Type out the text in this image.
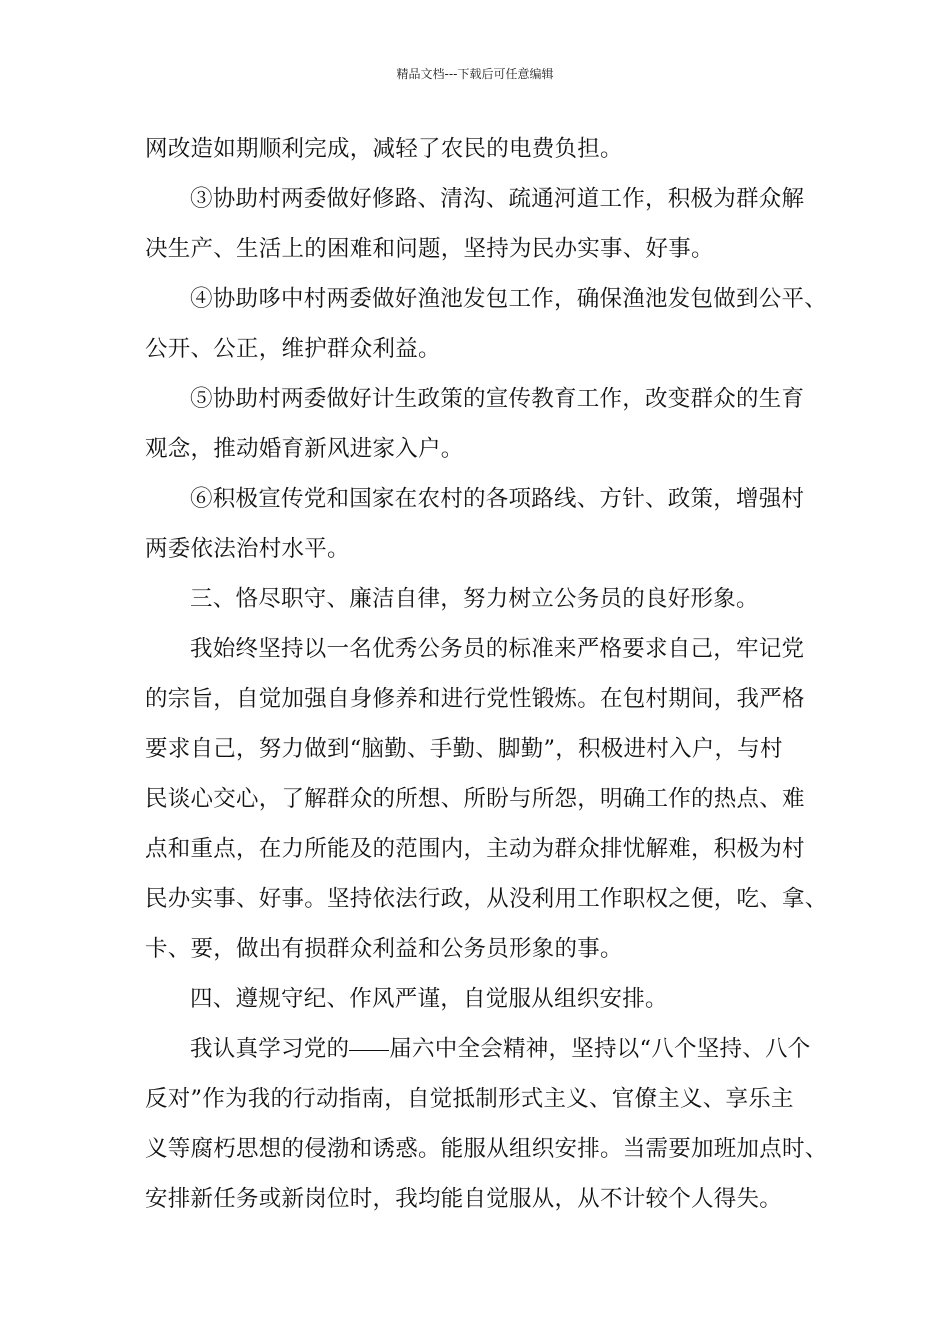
精品文档---下载后可任意编辑
网改造如期顺利完成，减轻了农民的电费负担。
③协助村两委做好修路、清沟、疏通河道工作，积极为群众解
决生产、生活上的困难和问题，坚持为民办实事、好事。
④协助哆中村两委做好渔池发包工作，确保渔池发包做到公平、
公开、公正，维护群众利益。
⑤协助村两委做好计生政策的宣传教育工作，改变群众的生育
观念，推动婚育新风进家入户。
⑥积极宣传党和国家在农村的各项路线、方针、政策，增强村
两委依法治村水平。
三、恪尽职守、廉洁自律，努力树立公务员的良好形象。
我始终坚持以一名优秀公务员的标准来严格要求自己，牢记党
的宗旨，自觉加强自身修养和进行党性锻炼。在包村期间，我严格
要求自己，努力做到“脑勤、手勤、脚勤”，积极进村入户，与村
民谈心交心，了解群众的所想、所盼与所怨，明确工作的热点、难
点和重点，在力所能及的范围内，主动为群众排忧解难，积极为村
民办实事、好事。坚持依法行政，从没利用工作职权之便，吃、拿、
卡、要，做出有损群众利益和公务员形象的事。
四、遵规守纪、作风严谨，自觉服从组织安排。
我认真学习党的 届六中全会精神，坚持以“八个坚持、八个
反对”作为我的行动指南，自觉抵制形式主义、官僚主义、享乐主
义等腐朽思想的侵渤和诱惑。能服从组织安排。当需要加班加点时、
安排新任务或新岗位时，我均能自觉服从，从不计较个人得失。
